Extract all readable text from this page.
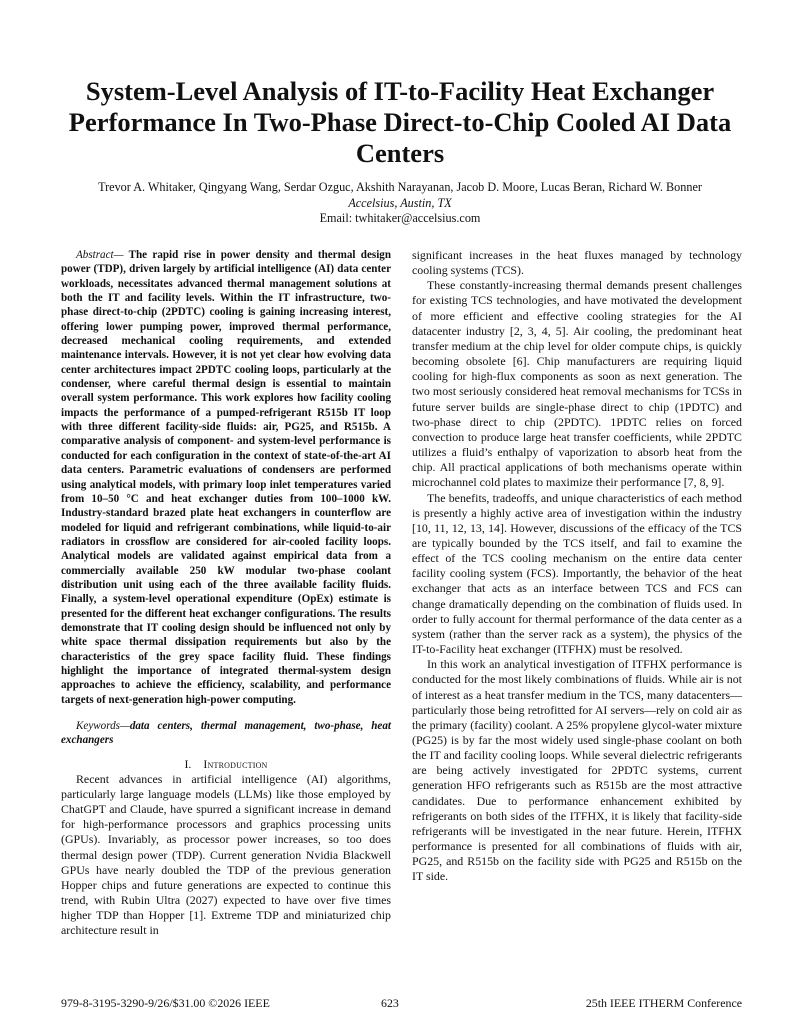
System-Level Analysis of IT-to-Facility Heat Exchanger Performance In Two-Phase Direct-to-Chip Cooled AI Data Centers
Trevor A. Whitaker, Qingyang Wang, Serdar Ozguc, Akshith Narayanan, Jacob D. Moore, Lucas Beran, Richard W. Bonner
Accelsius, Austin, TX
Email: twhitaker@accelsius.com

Abstract— The rapid rise in power density and thermal design power (TDP), driven largely by artificial intelligence (AI) data center workloads, necessitates advanced thermal management solutions at both the IT and facility levels. Within the IT infrastructure, two-phase direct-to-chip (2PDTC) cooling is gaining increasing interest, offering lower pumping power, improved thermal performance, decreased mechanical cooling requirements, and extended maintenance intervals. However, it is not yet clear how evolving data center architectures impact 2PDTC cooling loops, particularly at the condenser, where careful thermal design is essential to maintain overall system performance. This work explores how facility cooling impacts the performance of a pumped-refrigerant R515b IT loop with three different facility-side fluids: air, PG25, and R515b. A comparative analysis of component- and system-level performance is conducted for each configuration in the context of state-of-the-art AI data centers. Parametric evaluations of condensers are performed using analytical models, with primary loop inlet temperatures varied from 10–50 °C and heat exchanger duties from 100–1000 kW. Industry-standard brazed plate heat exchangers in counterflow are modeled for liquid and refrigerant combinations, while liquid-to-air radiators in crossflow are considered for air-cooled facility loops. Analytical models are validated against empirical data from a commercially available 250 kW modular two-phase coolant distribution unit using each of the three available facility fluids. Finally, a system-level operational expenditure (OpEx) estimate is presented for the different heat exchanger configurations. The results demonstrate that IT cooling design should be influenced not only by white space thermal dissipation requirements but also by the characteristics of the grey space facility fluid. These findings highlight the importance of integrated thermal-system design approaches to achieve the efficiency, scalability, and performance targets of next-generation high-power computing.

Keywords—data centers, thermal management, two-phase, heat exchangers

I. Introduction

Recent advances in artificial intelligence (AI) algorithms, particularly large language models (LLMs) like those employed by ChatGPT and Claude, have spurred a significant increase in demand for high-performance processors and graphics processing units (GPUs). Invariably, as processor power increases, so too does thermal design power (TDP). Current generation Nvidia Blackwell GPUs have nearly doubled the TDP of the previous generation Hopper chips and future generations are expected to continue this trend, with Rubin Ultra (2027) expected to have over five times higher TDP than Hopper [1]. Extreme TDP and miniaturized chip architecture result in

significant increases in the heat fluxes managed by technology cooling systems (TCS).

These constantly-increasing thermal demands present challenges for existing TCS technologies, and have motivated the development of more efficient and effective cooling strategies for the AI datacenter industry [2, 3, 4, 5]. Air cooling, the predominant heat transfer medium at the chip level for older compute chips, is quickly becoming obsolete [6]. Chip manufacturers are requiring liquid cooling for high-flux components as soon as next generation. The two most seriously considered heat removal mechanisms for TCSs in future server builds are single-phase direct to chip (1PDTC) and two-phase direct to chip (2PDTC). 1PDTC relies on forced convection to produce large heat transfer coefficients, while 2PDTC utilizes a fluid’s enthalpy of vaporization to absorb heat from the chip. All practical applications of both mechanisms operate within microchannel cold plates to maximize their performance [7, 8, 9].

The benefits, tradeoffs, and unique characteristics of each method is presently a highly active area of investigation within the industry [10, 11, 12, 13, 14]. However, discussions of the efficacy of the TCS are typically bounded by the TCS itself, and fail to examine the effect of the TCS cooling mechanism on the entire data center facility cooling system (FCS). Importantly, the behavior of the heat exchanger that acts as an interface between TCS and FCS can change dramatically depending on the combination of fluids used. In order to fully account for thermal performance of the data center as a system (rather than the server rack as a system), the physics of the IT-to-Facility heat exchanger (ITFHX) must be resolved.

In this work an analytical investigation of ITFHX performance is conducted for the most likely combinations of fluids. While air is not of interest as a heat transfer medium in the TCS, many datacenters—particularly those being retrofitted for AI servers—rely on cold air as the primary (facility) coolant. A 25% propylene glycol-water mixture (PG25) is by far the most widely used single-phase coolant on both the IT and facility cooling loops. While several dielectric refrigerants are being actively investigated for 2PDTC systems, current generation HFO refrigerants such as R515b are the most attractive candidates. Due to performance enhancement exhibited by refrigerants on both sides of the ITFHX, it is likely that facility-side refrigerants will be investigated in the near future. Herein, ITFHX performance is presented for all combinations of fluids with air, PG25, and R515b on the facility side with PG25 and R515b on the IT side.

979-8-3195-3290-9/26/$31.00 ©2026 IEEE	623	25th IEEE ITHERM Conference
